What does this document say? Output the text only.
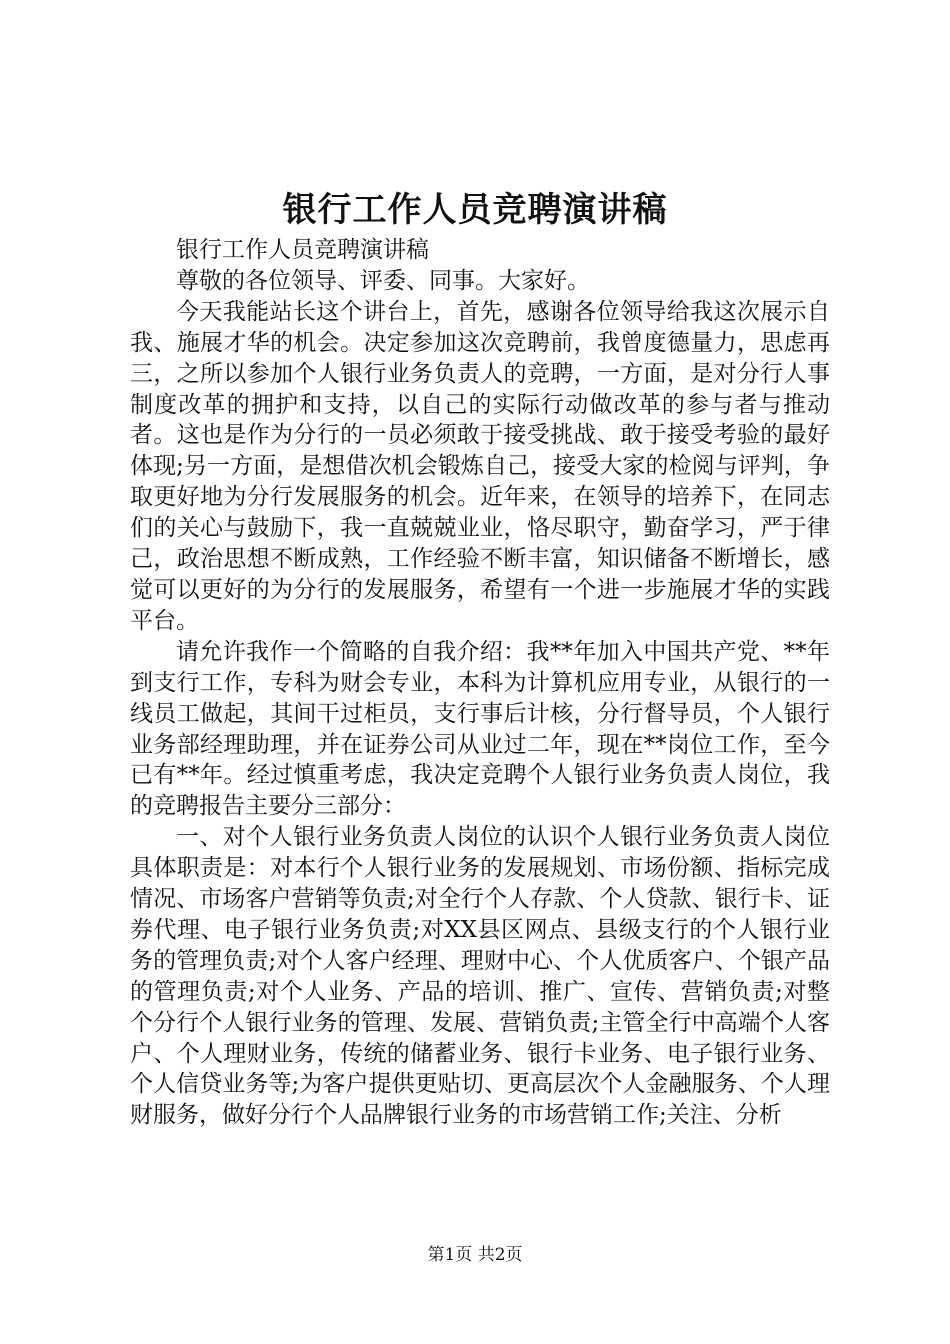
银行工作人员竞聘演讲稿

银行工作人员竞聘演讲稿

尊敬的各位领导、评委、同事。大家好。

今天我能站长这个讲台上，首先，感谢各位领导给我这次展示自我、施展才华的机会。决定参加这次竞聘前，我曾度德量力，思虑再三，之所以参加个人银行业务负责人的竞聘，一方面，是对分行人事制度改革的拥护和支持，以自己的实际行动做改革的参与者与推动者。这也是作为分行的一员必须敢于接受挑战、敢于接受考验的最好体现;另一方面，是想借次机会锻炼自己，接受大家的检阅与评判，争取更好地为分行发展服务的机会。近年来，在领导的培养下，在同志们的关心与鼓励下，我一直兢兢业业，恪尽职守，勤奋学习，严于律己，政治思想不断成熟，工作经验不断丰富，知识储备不断增长，感觉可以更好的为分行的发展服务，希望有一个进一步施展才华的实践平台。

请允许我作一个简略的自我介绍：我**年加入中国共产党、**年到支行工作，专科为财会专业，本科为计算机应用专业，从银行的一线员工做起，其间干过柜员，支行事后计核，分行督导员，个人银行业务部经理助理，并在证券公司从业过二年，现在**岗位工作，至今已有**年。经过慎重考虑，我决定竞聘个人银行业务负责人岗位，我的竞聘报告主要分三部分：

一、对个人银行业务负责人岗位的认识个人银行业务负责人岗位具体职责是：对本行个人银行业务的发展规划、市场份额、指标完成情况、市场客户营销等负责;对全行个人存款、个人贷款、银行卡、证券代理、电子银行业务负责;对XX县区网点、县级支行的个人银行业务的管理负责;对个人客户经理、理财中心、个人优质客户、个银产品的管理负责;对个人业务、产品的培训、推广、宣传、营销负责;对整个分行个人银行业务的管理、发展、营销负责;主管全行中高端个人客户、个人理财业务，传统的储蓄业务、银行卡业务、电子银行业务、个人信贷业务等;为客户提供更贴切、更高层次个人金融服务、个人理财服务，做好分行个人品牌银行业务的市场营销工作;关注、分析

第1页 共2页
